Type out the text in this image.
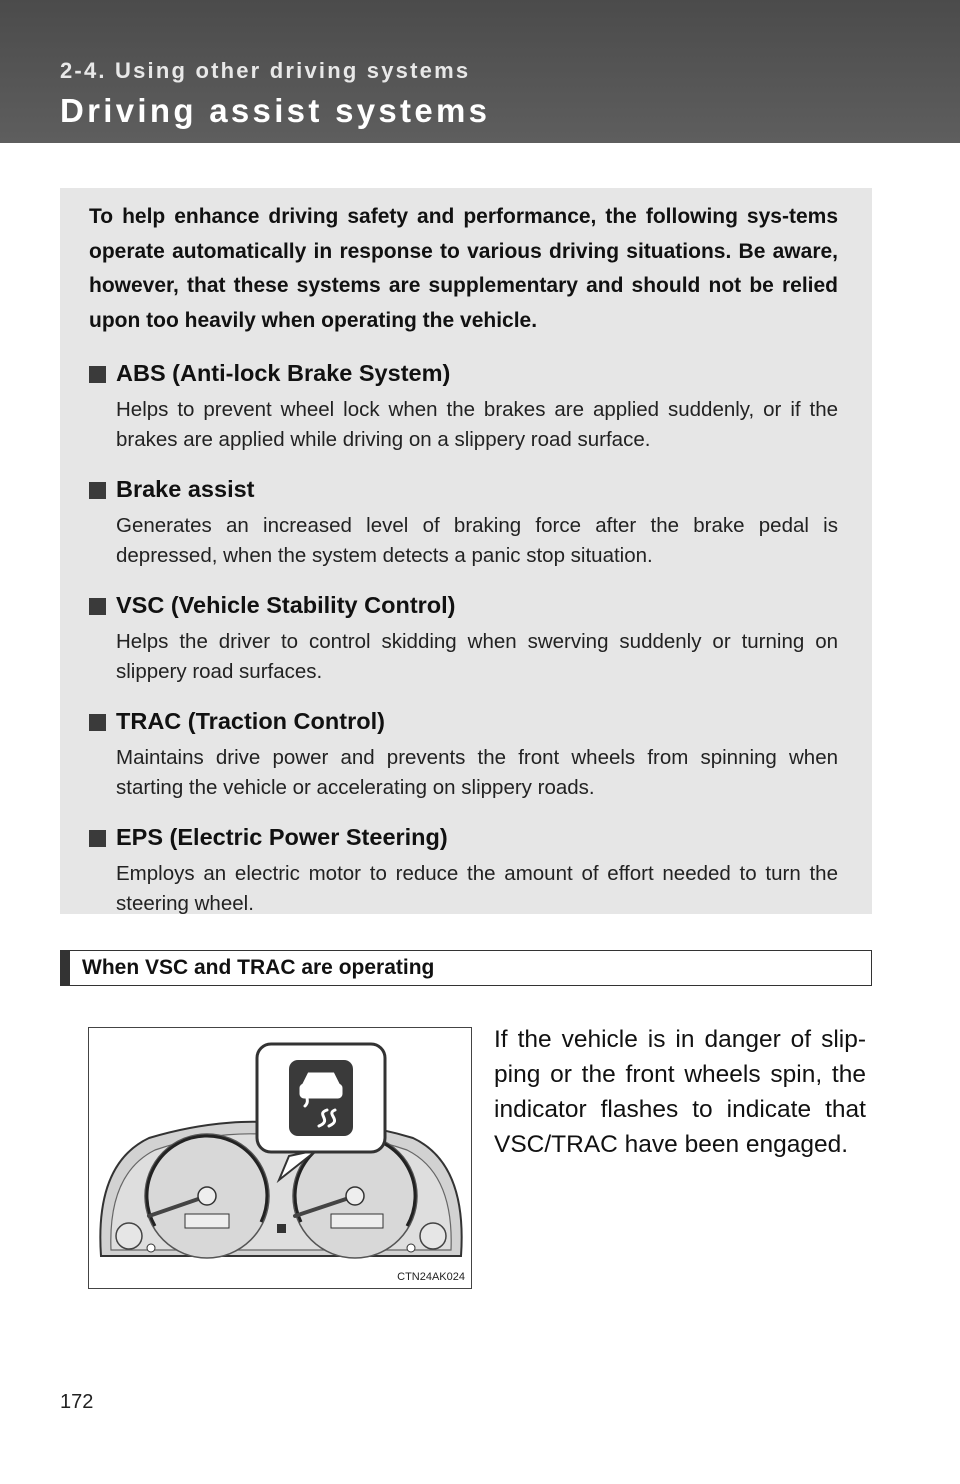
2-4. Using other driving systems
Driving assist systems

To help enhance driving safety and performance, the following sys-tems operate automatically in response to various driving situations. Be aware, however, that these systems are supplementary and should not be relied upon too heavily when operating the vehicle.

ABS (Anti-lock Brake System)

Helps to prevent wheel lock when the brakes are applied suddenly, or if the brakes are applied while driving on a slippery road surface.

Brake assist

Generates an increased level of braking force after the brake pedal is depressed, when the system detects a panic stop situation.

VSC (Vehicle Stability Control)

Helps the driver to control skidding when swerving suddenly or turning on slippery road surfaces.

TRAC (Traction Control)

Maintains drive power and prevents the front wheels from spinning when starting the vehicle or accelerating on slippery roads.

EPS (Electric Power Steering)

Employs an electric motor to reduce the amount of effort needed to turn the steering wheel.

When VSC and TRAC are operating
CTN24AK024

If the vehicle is in danger of slip-ping or the front wheels spin, the indicator flashes to indicate that VSC/TRAC have been engaged.

172
